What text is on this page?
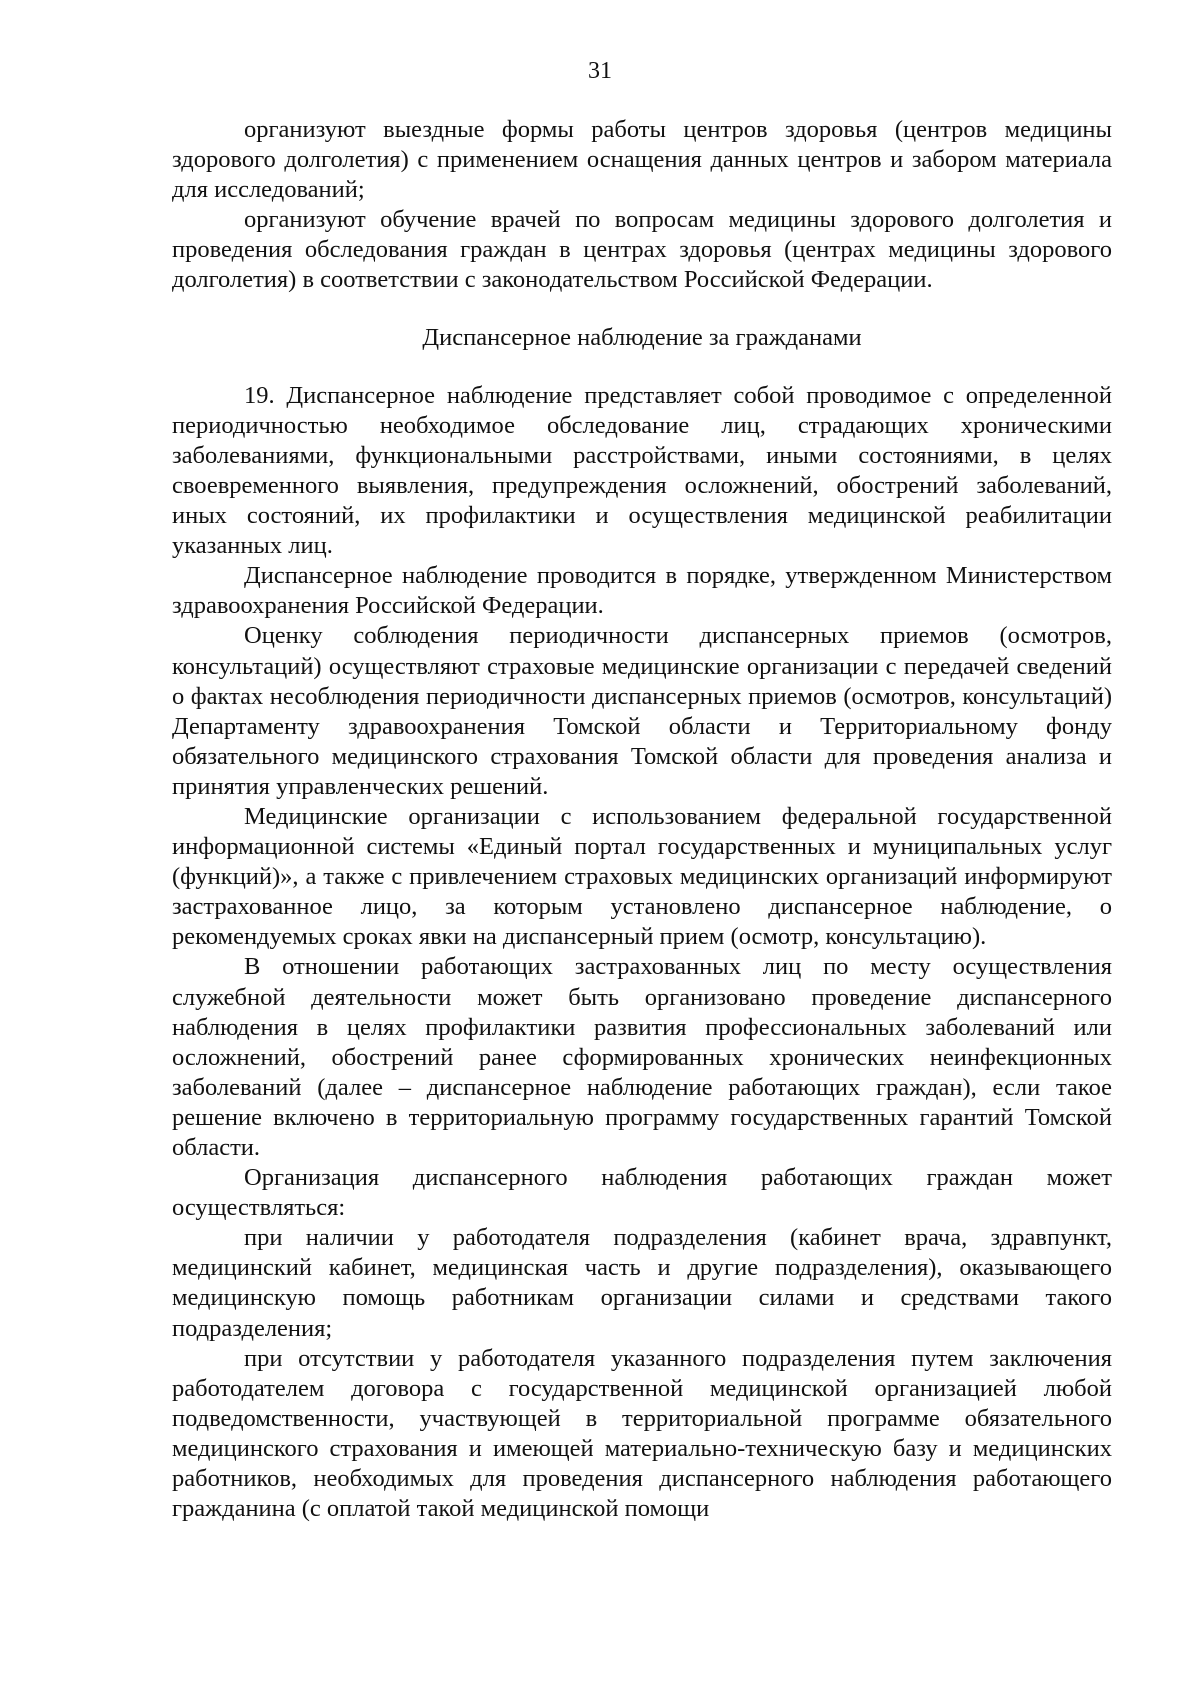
31

организуют выездные формы работы центров здоровья (центров медицины здорового долголетия) с применением оснащения данных центров и забором материала для исследований;

организуют обучение врачей по вопросам медицины здорового долголетия и проведения обследования граждан в центрах здоровья (центрах медицины здорового долголетия) в соответствии с законодательством Российской Федерации.

Диспансерное наблюдение за гражданами

19. Диспансерное наблюдение представляет собой проводимое с определенной периодичностью необходимое обследование лиц, страдающих хроническими заболеваниями, функциональными расстройствами, иными состояниями, в целях своевременного выявления, предупреждения осложнений, обострений заболеваний, иных состояний, их профилактики и осуществления медицинской реабилитации указанных лиц.

Диспансерное наблюдение проводится в порядке, утвержденном Министерством здравоохранения Российской Федерации.

Оценку соблюдения периодичности диспансерных приемов (осмотров, консультаций) осуществляют страховые медицинские организации с передачей сведений о фактах несоблюдения периодичности диспансерных приемов (осмотров, консультаций) Департаменту здравоохранения Томской области и Территориальному фонду обязательного медицинского страхования Томской области для проведения анализа и принятия управленческих решений.

Медицинские организации с использованием федеральной государственной информационной системы «Единый портал государственных и муниципальных услуг (функций)», а также с привлечением страховых медицинских организаций информируют застрахованное лицо, за которым установлено диспансерное наблюдение, о рекомендуемых сроках явки на диспансерный прием (осмотр, консультацию).

В отношении работающих застрахованных лиц по месту осуществления служебной деятельности может быть организовано проведение диспансерного наблюдения в целях профилактики развития профессиональных заболеваний или осложнений, обострений ранее сформированных хронических неинфекционных заболеваний (далее – диспансерное наблюдение работающих граждан), если такое решение включено в территориальную программу государственных гарантий Томской области.

Организация диспансерного наблюдения работающих граждан может осуществляться:

при наличии у работодателя подразделения (кабинет врача, здравпункт, медицинский кабинет, медицинская часть и другие подразделения), оказывающего медицинскую помощь работникам организации силами и средствами такого подразделения;

при отсутствии у работодателя указанного подразделения путем заключения работодателем договора с государственной медицинской организацией любой подведомственности, участвующей в территориальной программе обязательного медицинского страхования и имеющей материально-техническую базу и медицинских работников, необходимых для проведения диспансерного наблюдения работающего гражданина (с оплатой такой медицинской помощи
